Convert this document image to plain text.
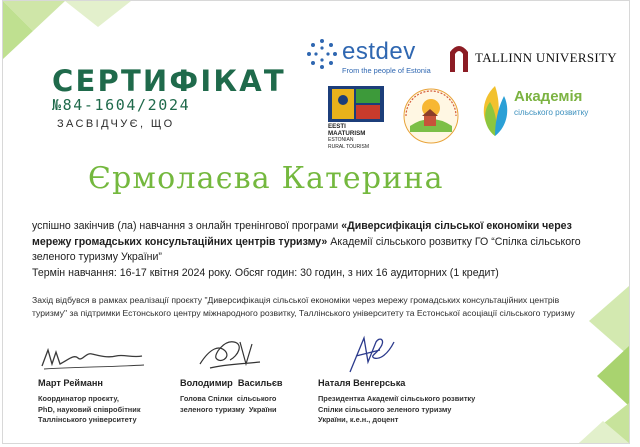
estdev
From the people of Estonia
TALLINN UNIVERSITY
EESTI
MAATURISM
ESTONIAN
RURAL TOURISM
Академія
сільського розвитку
СЕРТИФІКАТ
№84-1604/2024
ЗАСВІДЧУЄ, ЩО
Єрмолаєва Катерина

успішно закінчив (ла) навчання з онлайн тренінгової програми «Диверсифікація сільської економіки через мережу громадських консультаційних центрів туризму» Академії сільського розвитку ГО “Спілка сільського зеленого туризму України”

Термін навчання: 16-17 квітня 2024 року. Обсяг годин: 30 годин, з них 16 аудиторних (1 кредит)

Захід відбувся в рамках реалізації проєкту "Диверсифікація сільської економіки через мережу громадських консультаційних центрів туризму" за підтримки Естонського центру міжнародного розвитку, Таллінського університету та Естонської асоціації сільського туризму
Март Рейманн
Координатор проєкту,
PhD, науковий співробітник
Таллінського університету
Володимир  Васильєв
Голова Спілки  сільського
зеленого туризму  України
Наталя Венгерська
Президентка Академії сільського розвитку
Спілки сільського зеленого туризму
України, к.е.н., доцент
